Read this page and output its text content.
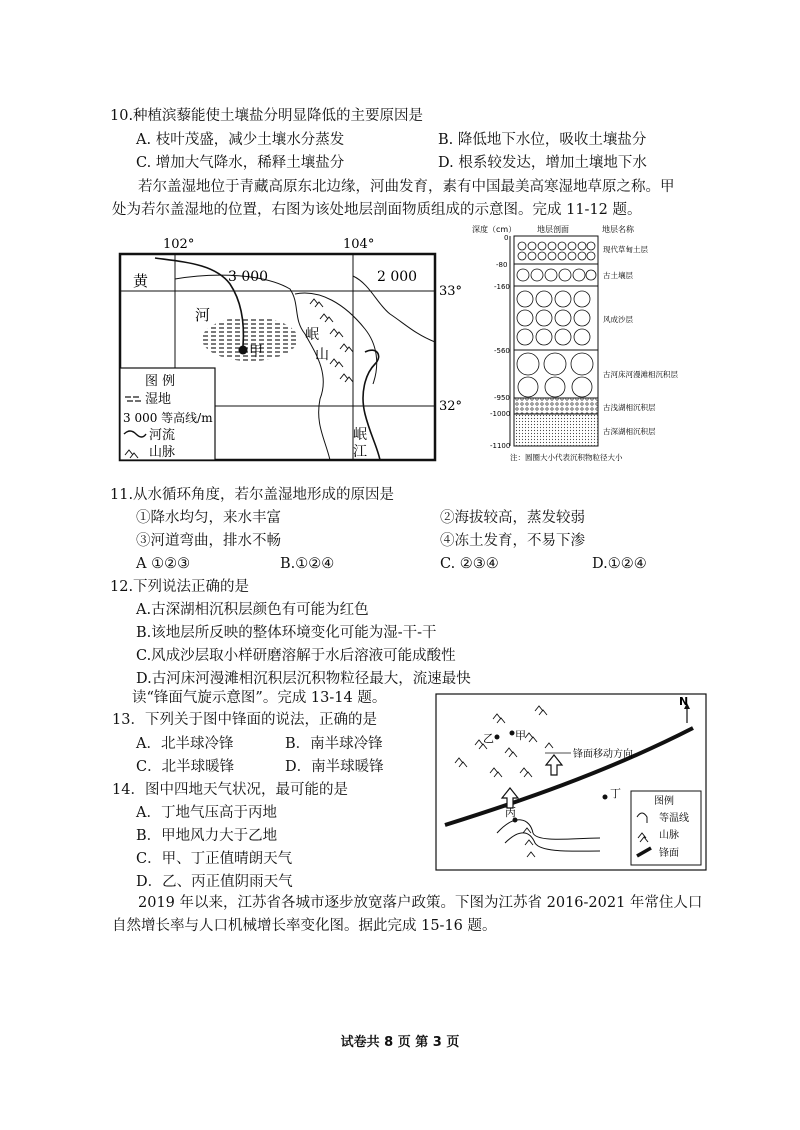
10.种植滨藜能使土壤盐分明显降低的主要原因是
A. 枝叶茂盛，减少土壤水分蒸发	B. 降低地下水位，吸收土壤盐分
C. 增加大气降水，稀释土壤盐分	D. 根系较发达，增加土壤地下水
若尔盖湿地位于青藏高原东北边缘，河曲发育，素有中国最美高寒湿地草原之称。甲
处为若尔盖湿地的位置，右图为该处地层剖面物质组成的示意图。完成 11-12 题。
102°	104°
33°
32°
3 000	2 000
甲
黄
河
岷
江
岷
山
图 例
湿地
3 000 等高线/m
河流
山脉
深度（cm）	地层剖面	地层名称
0
-80
-160
-560
-950
-1000
-1100
现代草甸土层
古土壤层
风成沙层
古河床河漫滩相沉积层
古浅湖相沉积层
古深湖相沉积层
注：圆圈大小代表沉积物粒径大小
11.从水循环角度，若尔盖湿地形成的原因是
①降水均匀，来水丰富	②海拔较高，蒸发较弱
③河道弯曲，排水不畅	④冻土发育，不易下渗
A ①②③	B.①②④	C. ②③④	D.①②④
12.下列说法正确的是
A.古深湖相沉积层颜色有可能为红色
B.该地层所反映的整体环境变化可能为湿-干-干
C.风成沙层取小样研磨溶解于水后溶液可能成酸性
D.古河床河漫滩相沉积层沉积物粒径最大，流速最快
读“锋面气旋示意图”。完成 13-14 题。
13．下列关于图中锋面的说法，正确的是
A．北半球冷锋	B．南半球冷锋
C．北半球暖锋	D．南半球暖锋
14．图中四地天气状况，最可能的是
A．丁地气压高于丙地
B．甲地风力大于乙地
C．甲、丁正值晴朗天气
D．乙、丙正值阴雨天气
N
乙 甲
锋面移动方向
丙
丁
图例
等温线
山脉
锋面
2019 年以来，江苏省各城市逐步放宽落户政策。下图为江苏省 2016-2021 年常住人口
自然增长率与人口机械增长率变化图。据此完成 15-16 题。
试卷共 8 页 第 3 页
